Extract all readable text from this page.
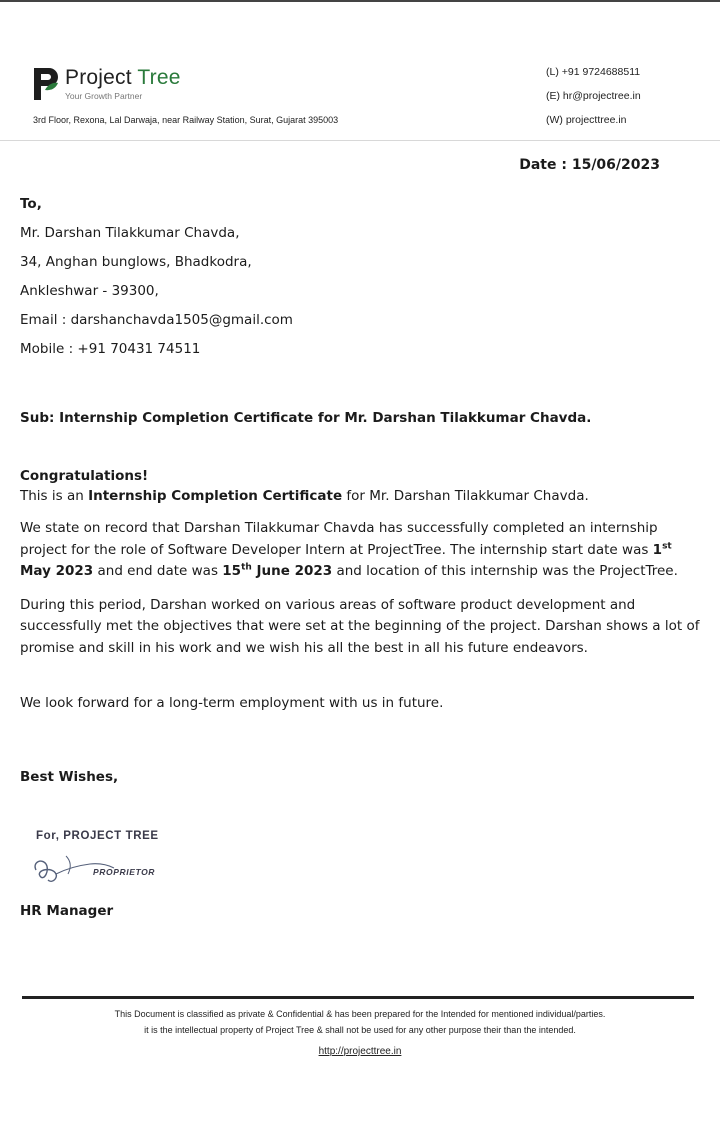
Project Tree
Your Growth Partner
3rd Floor, Rexona, Lal Darwaja, near Railway Station, Surat, Gujarat 395003
(L) +91 9724688511
(E) hr@projectree.in
(W) projecttree.in
Date : 15/06/2023

To,

Mr. Darshan Tilakkumar Chavda,

34, Anghan bunglows, Bhadkodra,

Ankleshwar - 39300,

Email : darshanchavda1505@gmail.com

Mobile : +91 70431 74511

Sub: Internship Completion Certificate for Mr. Darshan Tilakkumar Chavda.

Congratulations!

This is an Internship Completion Certificate for Mr. Darshan Tilakkumar Chavda.

We state on record that Darshan Tilakkumar Chavda has successfully completed an internship project for the role of Software Developer Intern at ProjectTree. The internship start date was 1st May 2023 and end date was 15th June 2023 and location of this internship was the ProjectTree.

During this period, Darshan worked on various areas of software product development and successfully met the objectives that were set at the beginning of the project. Darshan shows a lot of promise and skill in his work and we wish his all the best in all his future endeavors.

We look forward for a long-term employment with us in future.

Best Wishes,

For, PROJECT TREE
PROPRIETOR
HR Manager
This Document is classified as private & Confidential & has been prepared for the Intended for mentioned individual/parties.
it is the intellectual property of Project Tree & shall not be used for any other purpose their than the intended.
http://projecttree.in
